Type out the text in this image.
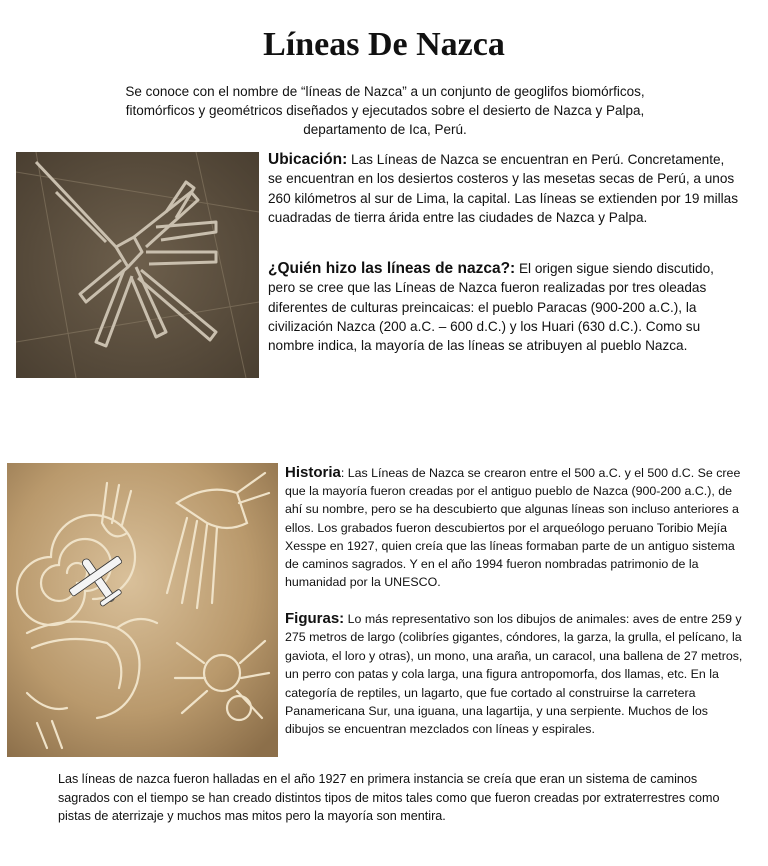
Líneas De Nazca
Se conoce con el nombre de “líneas de Nazca” a un conjunto de geoglifos biomórficos, fitomórficos y geométricos diseñados y ejecutados sobre el desierto de Nazca y Palpa, departamento de Ica, Perú.
Ubicación: Las Líneas de Nazca se encuentran en Perú. Concretamente, se encuentran en los desiertos costeros y las mesetas secas de Perú, a unos 260 kilómetros al sur de Lima, la capital. Las líneas se extienden por 19 millas cuadradas de tierra árida entre las ciudades de Nazca y Palpa.
¿Quién hizo las líneas de nazca?: El origen sigue siendo discutido, pero se cree que las Líneas de Nazca fueron realizadas por tres oleadas diferentes de culturas preincaicas: el pueblo Paracas (900-200 a.C.), la civilización Nazca (200 a.C. – 600 d.C.) y los Huari (630 d.C.). Como su nombre indica, la mayoría de las líneas se atribuyen al pueblo Nazca.
Historia: Las Líneas de Nazca se crearon entre el 500 a.C. y el 500 d.C. Se cree que la mayoría fueron creadas por el antiguo pueblo de Nazca (900-200 a.C.), de ahí su nombre, pero se ha descubierto que algunas líneas son incluso anteriores a ellos. Los grabados fueron descubiertos por el arqueólogo peruano Toribio Mejía Xesspe en 1927, quien creía que las líneas formaban parte de un antiguo sistema de caminos sagrados. Y en el año 1994 fueron nombradas patrimonio de la humanidad por la UNESCO.
Figuras: Lo más representativo son los dibujos de animales: aves de entre 259 y 275 metros de largo (colibríes gigantes, cóndores, la garza, la grulla, el pelícano, la gaviota, el loro y otras), un mono, una araña, un caracol, una ballena de 27 metros, un perro con patas y cola larga, una figura antropomorfa, dos llamas, etc. En la categoría de reptiles, un lagarto, que fue cortado al construirse la carretera Panamericana Sur, una iguana, una lagartija, y una serpiente. Muchos de los dibujos se encuentran mezclados con líneas y espirales.
Las líneas de nazca fueron halladas en el año 1927 en primera instancia se creía que eran un sistema de caminos sagrados con el tiempo se han creado distintos tipos de mitos tales como que fueron creadas por extraterrestres como pistas de aterrizaje y muchos mas mitos pero la mayoría son mentira.
